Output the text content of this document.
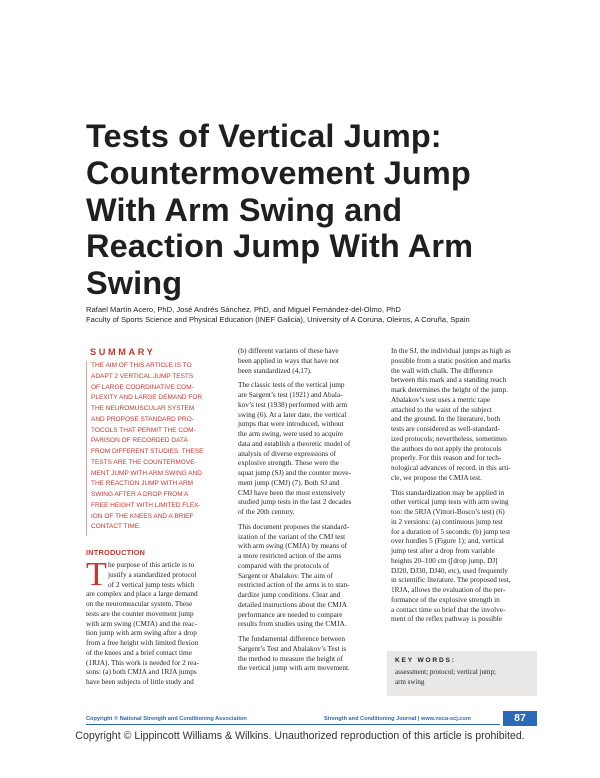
Tests of Vertical Jump:
Countermovement Jump
With Arm Swing and
Reaction Jump With Arm
Swing
Rafael Martín Acero, PhD, José Andrés Sánchez, PhD, and Miguel Fernández-del-Olmo, PhD
Faculty of Sports Science and Physical Education (INEF Galicia), University of A Coruna, Oleiros, A Coruña, Spain
SUMMARY
THE AIM OF THIS ARTICLE IS TO
ADAPT 2 VERTICAL JUMP TESTS
OF LARGE COORDINATIVE COM-
PLEXITY AND LARGE DEMAND FOR
THE NEUROMUSCULAR SYSTEM
AND PROPOSE STANDARD PRO-
TOCOLS THAT PERMIT THE COM-
PARISON OF RECORDED DATA
FROM DIFFERENT STUDIES. THESE
TESTS ARE THE COUNTERMOVE-
MENT JUMP WITH ARM SWING AND
THE REACTION JUMP WITH ARM
SWING AFTER A DROP FROM A
FREE HEIGHT WITH LIMITED FLEX-
ION OF THE KNEES AND A BRIEF
CONTACT TIME.
INTRODUCTION
T he purpose of this article is to
justify a standardized protocol
of 2 vertical jump tests which
are complex and place a large demand
on the neuromuscular system. These
tests are the counter movement jump
with arm swing (CMJA) and the reac-
tion jump with arm swing after a drop
from a free height with limited flexion
of the knees and a brief contact time
(1RJA). This work is needed for 2 rea-
sons: (a) both CMJA and 1RJA jumps
have been subjects of little study and
(b) different variants of these have
been applied in ways that have not
been standardized (4,17).
The classic tests of the vertical jump
are Sargent’s test (1921) and Abala-
kov’s test (1938) performed with arm
swing (6). At a later date, the vertical
jumps that were introduced, without
the arm swing, were used to acquire
data and establish a theoretic model of
analysis of diverse expressions of
explosive strength. These were the
squat jump (SJ) and the counter move-
ment jump (CMJ) (7). Both SJ and
CMJ have been the most extensively
studied jump tests in the last 2 decades
of the 20th century.
This document proposes the standard-
ization of the variant of the CMJ test
with arm swing (CMJA) by means of
a more restricted action of the arms
compared with the protocols of
Sargent or Abalakov. The aim of
restricted action of the arms is to stan-
dardize jump conditions. Clear and
detailed instructions about the CMJA
performance are needed to compare
results from studies using the CMJA.
The fundamental difference between
Sargent’s Test and Abalakov’s Test is
the method to measure the height of
the vertical jump with arm movement.
In the SJ, the individual jumps as high as
possible from a static position and marks
the wall with chalk. The difference
between this mark and a standing reach
mark determines the height of the jump.
Abalakov’s test uses a metric tape
attached to the waist of the subject
and the ground. In the literature, both
tests are considered as well-standard-
ized protocols; nevertheless, sometimes
the authors do not apply the protocols
properly. For this reason and for tech-
nological advances of record, in this arti-
cle, we propose the CMJA test.
This standardization may be applied in
other vertical jump tests with arm swing
too: the 5RJA (Vittori-Bosco’s test) (6)
in 2 versions: (a) continuous jump test
for a duration of 5 seconds; (b) jump test
over hurdles 5 (Figure 1); and, vertical
jump test after a drop from variable
heights 20–100 cm ([drop jump, DJ]
DJ20, DJ30, DJ40, etc), used frequently
in scientific literature. The proposed test,
1RJA, allows the evaluation of the per-
formance of the explosive strength in
a contact time so brief that the involve-
ment of the reflex pathway is possible
KEY WORDS:
assessment; protocol; vertical jump;
arm swing
Copyright © National Strength and Conditioning Association	Strength and Conditioning Journal | www.nsca-scj.com	87
Copyright © Lippincott Williams & Wilkins. Unauthorized reproduction of this article is prohibited.
